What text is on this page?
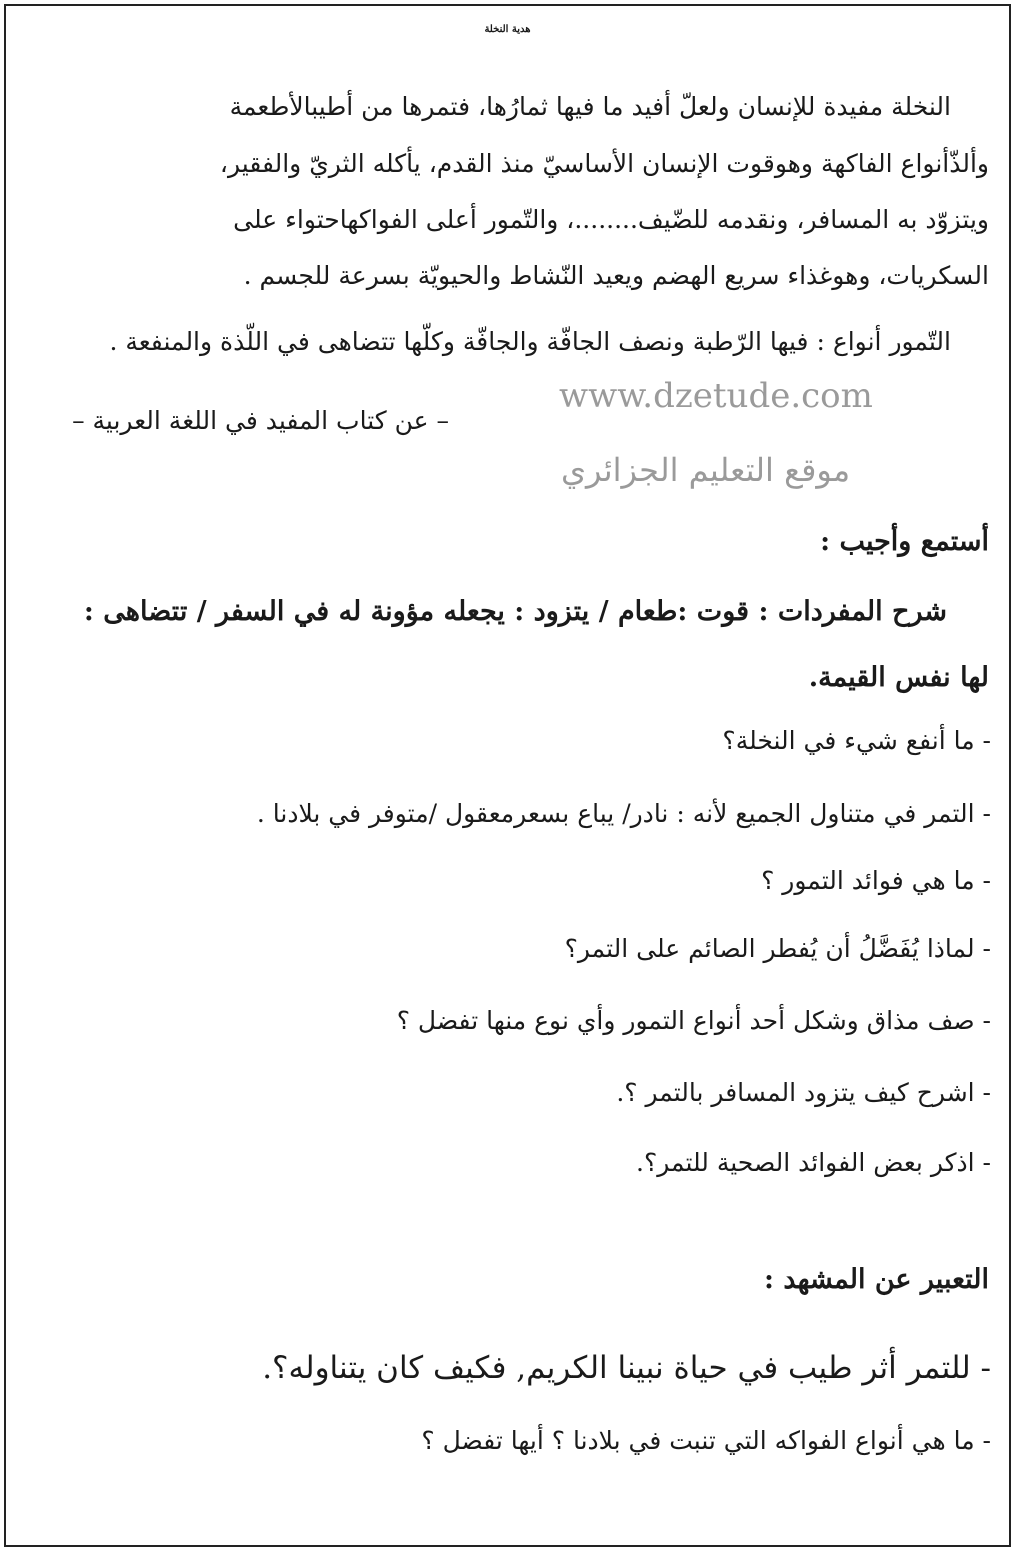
هدية النخلة
النخلة مفيدة للإنسان ولعلّ أفيد ما فيها ثمارُها، فتمرها من أطيبالأطعمة
وألذّأنواع الفاكهة وهوقوت الإنسان الأساسيّ منذ القدم، يأكله الثريّ والفقير،
ويتزوّد به المسافر، ونقدمه للضّيف........، والتّمور أعلى الفواكهاحتواء على
السكريات، وهوغذاء سريع الهضم ويعيد النّشاط والحيويّة بسرعة للجسم .
التّمور أنواع : فيها الرّطبة ونصف الجافّة والجافّة وكلّها تتضاهى في اللّذة والمنفعة .
www.dzetude.com
– عن كتاب المفيد في اللغة العربية –
موقع التعليم الجزائري
أستمع وأجيب :
شرح المفردات : قوت :طعام / يتزود : يجعله مؤونة له في السفر / تتضاهى :
لها نفس القيمة.
- ما أنفع شيء في النخلة؟
- التمر في متناول الجميع لأنه : نادر/ يباع بسعرمعقول /متوفر في بلادنا .
- ما هي فوائد التمور ؟
- لماذا يُفَضَّلُ أن يُفطر الصائم على التمر؟
- صف مذاق وشكل أحد أنواع التمور وأي نوع منها تفضل ؟
- اشرح كيف يتزود المسافر بالتمر ؟.
- اذكر بعض الفوائد الصحية للتمر؟.
التعبير عن المشهد :
- للتمر أثر طيب في حياة نبينا الكريم, فكيف كان يتناوله؟.
- ما هي أنواع الفواكه التي تنبت في بلادنا ؟ أيها تفضل ؟
